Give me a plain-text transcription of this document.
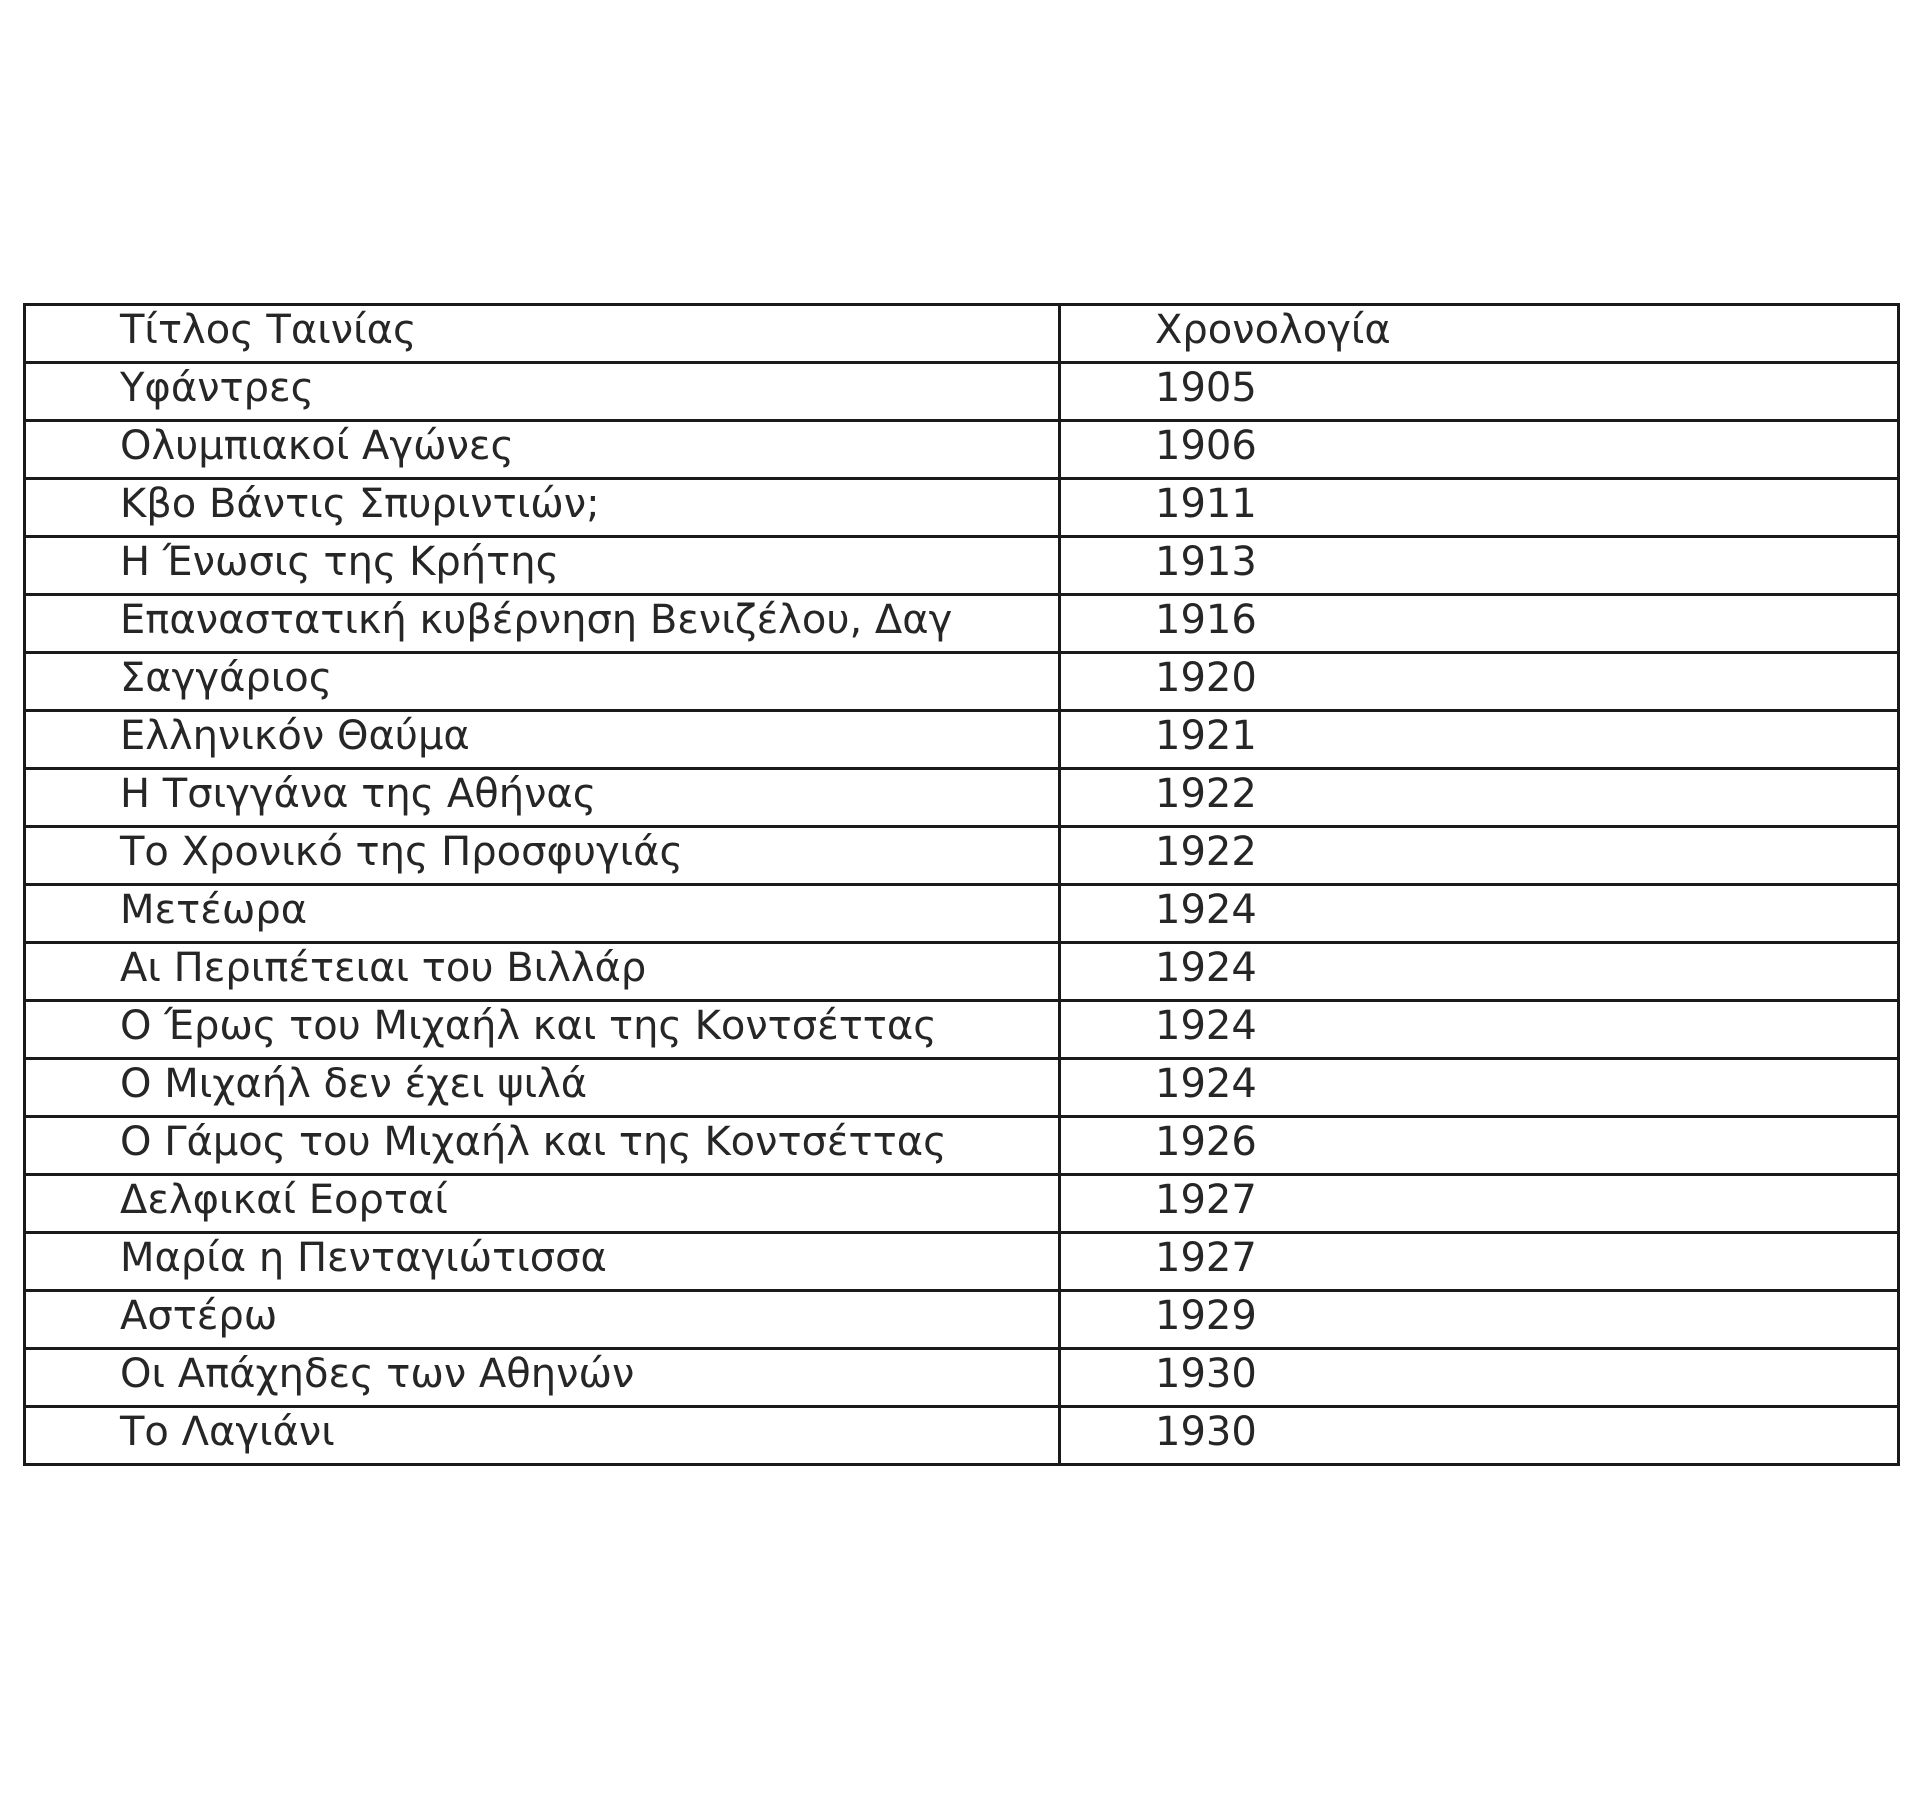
Τίτλος Ταινίας	Χρονολογία

Υφάντρες	1905

Ολυμπιακοί Αγώνες	1906

Κβο Βάντις Σπυριντιών;	1911

Η Ένωσις της Κρήτης	1913

Επαναστατική κυβέρνηση Βενιζέλου, Δαγ	1916

Σαγγάριος	1920

Ελληνικόν Θαύμα	1921

Η Τσιγγάνα της Αθήνας	1922

Το Χρονικό της Προσφυγιάς	1922

Μετέωρα	1924

Αι Περιπέτειαι του Βιλλάρ	1924

Ο Έρως του Μιχαήλ και της Κοντσέττας	1924

Ο Μιχαήλ δεν έχει ψιλά	1924

Ο Γάμος του Μιχαήλ και της Κοντσέττας	1926

Δελφικαί Εορταί	1927

Μαρία η Πενταγιώτισσα	1927

Αστέρω	1929

Οι Απάχηδες των Αθηνών	1930

Το Λαγιάνι	1930
